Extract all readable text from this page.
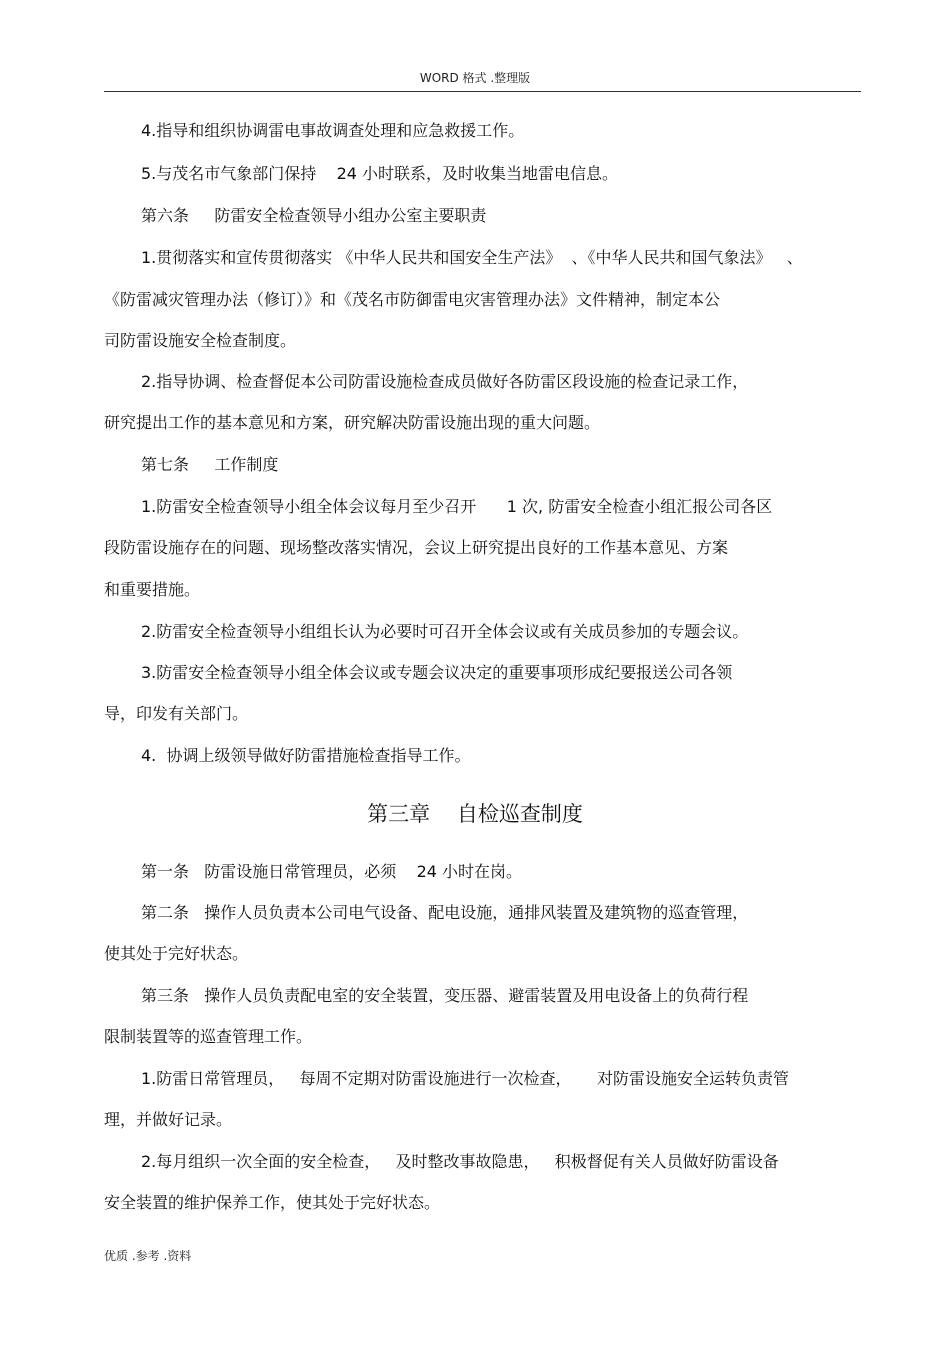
WORD 格式 .整理版
4.指导和组织协调雷电事故调查处理和应急救援工作。
5.与茂名市气象部门保持    24 小时联系，及时收集当地雷电信息。
第六条     防雷安全检查领导小组办公室主要职责
1.贯彻落实和宣传贯彻落实 《中华人民共和国安全生产法》  、《中华人民共和国气象法》   、
《防雷减灾管理办法（修订）》和《茂名市防御雷电灾害管理办法》文件精神，制定本公
司防雷设施安全检查制度。
2.指导协调、检查督促本公司防雷设施检查成员做好各防雷区段设施的检查记录工作，
研究提出工作的基本意见和方案，研究解决防雷设施出现的重大问题。
第七条     工作制度
1.防雷安全检查领导小组全体会议每月至少召开      1 次, 防雷安全检查小组汇报公司各区
段防雷设施存在的问题、现场整改落实情况，会议上研究提出良好的工作基本意见、方案
和重要措施。
2.防雷安全检查领导小组组长认为必要时可召开全体会议或有关成员参加的专题会议。
3.防雷安全检查领导小组全体会议或专题会议决定的重要事项形成纪要报送公司各领
导，印发有关部门。
4.  协调上级领导做好防雷措施检查指导工作。
第三章    自检巡查制度
第一条   防雷设施日常管理员，必须    24 小时在岗。
第二条   操作人员负责本公司电气设备、配电设施，通排风装置及建筑物的巡查管理，
使其处于完好状态。
第三条   操作人员负责配电室的安全装置，变压器、避雷装置及用电设备上的负荷行程
限制装置等的巡查管理工作。
1.防雷日常管理员，   每周不定期对防雷设施进行一次检查，     对防雷设施安全运转负责管
理，并做好记录。
2.每月组织一次全面的安全检查，   及时整改事故隐患，   积极督促有关人员做好防雷设备
安全装置的维护保养工作，使其处于完好状态。
优质 .参考 .资料
